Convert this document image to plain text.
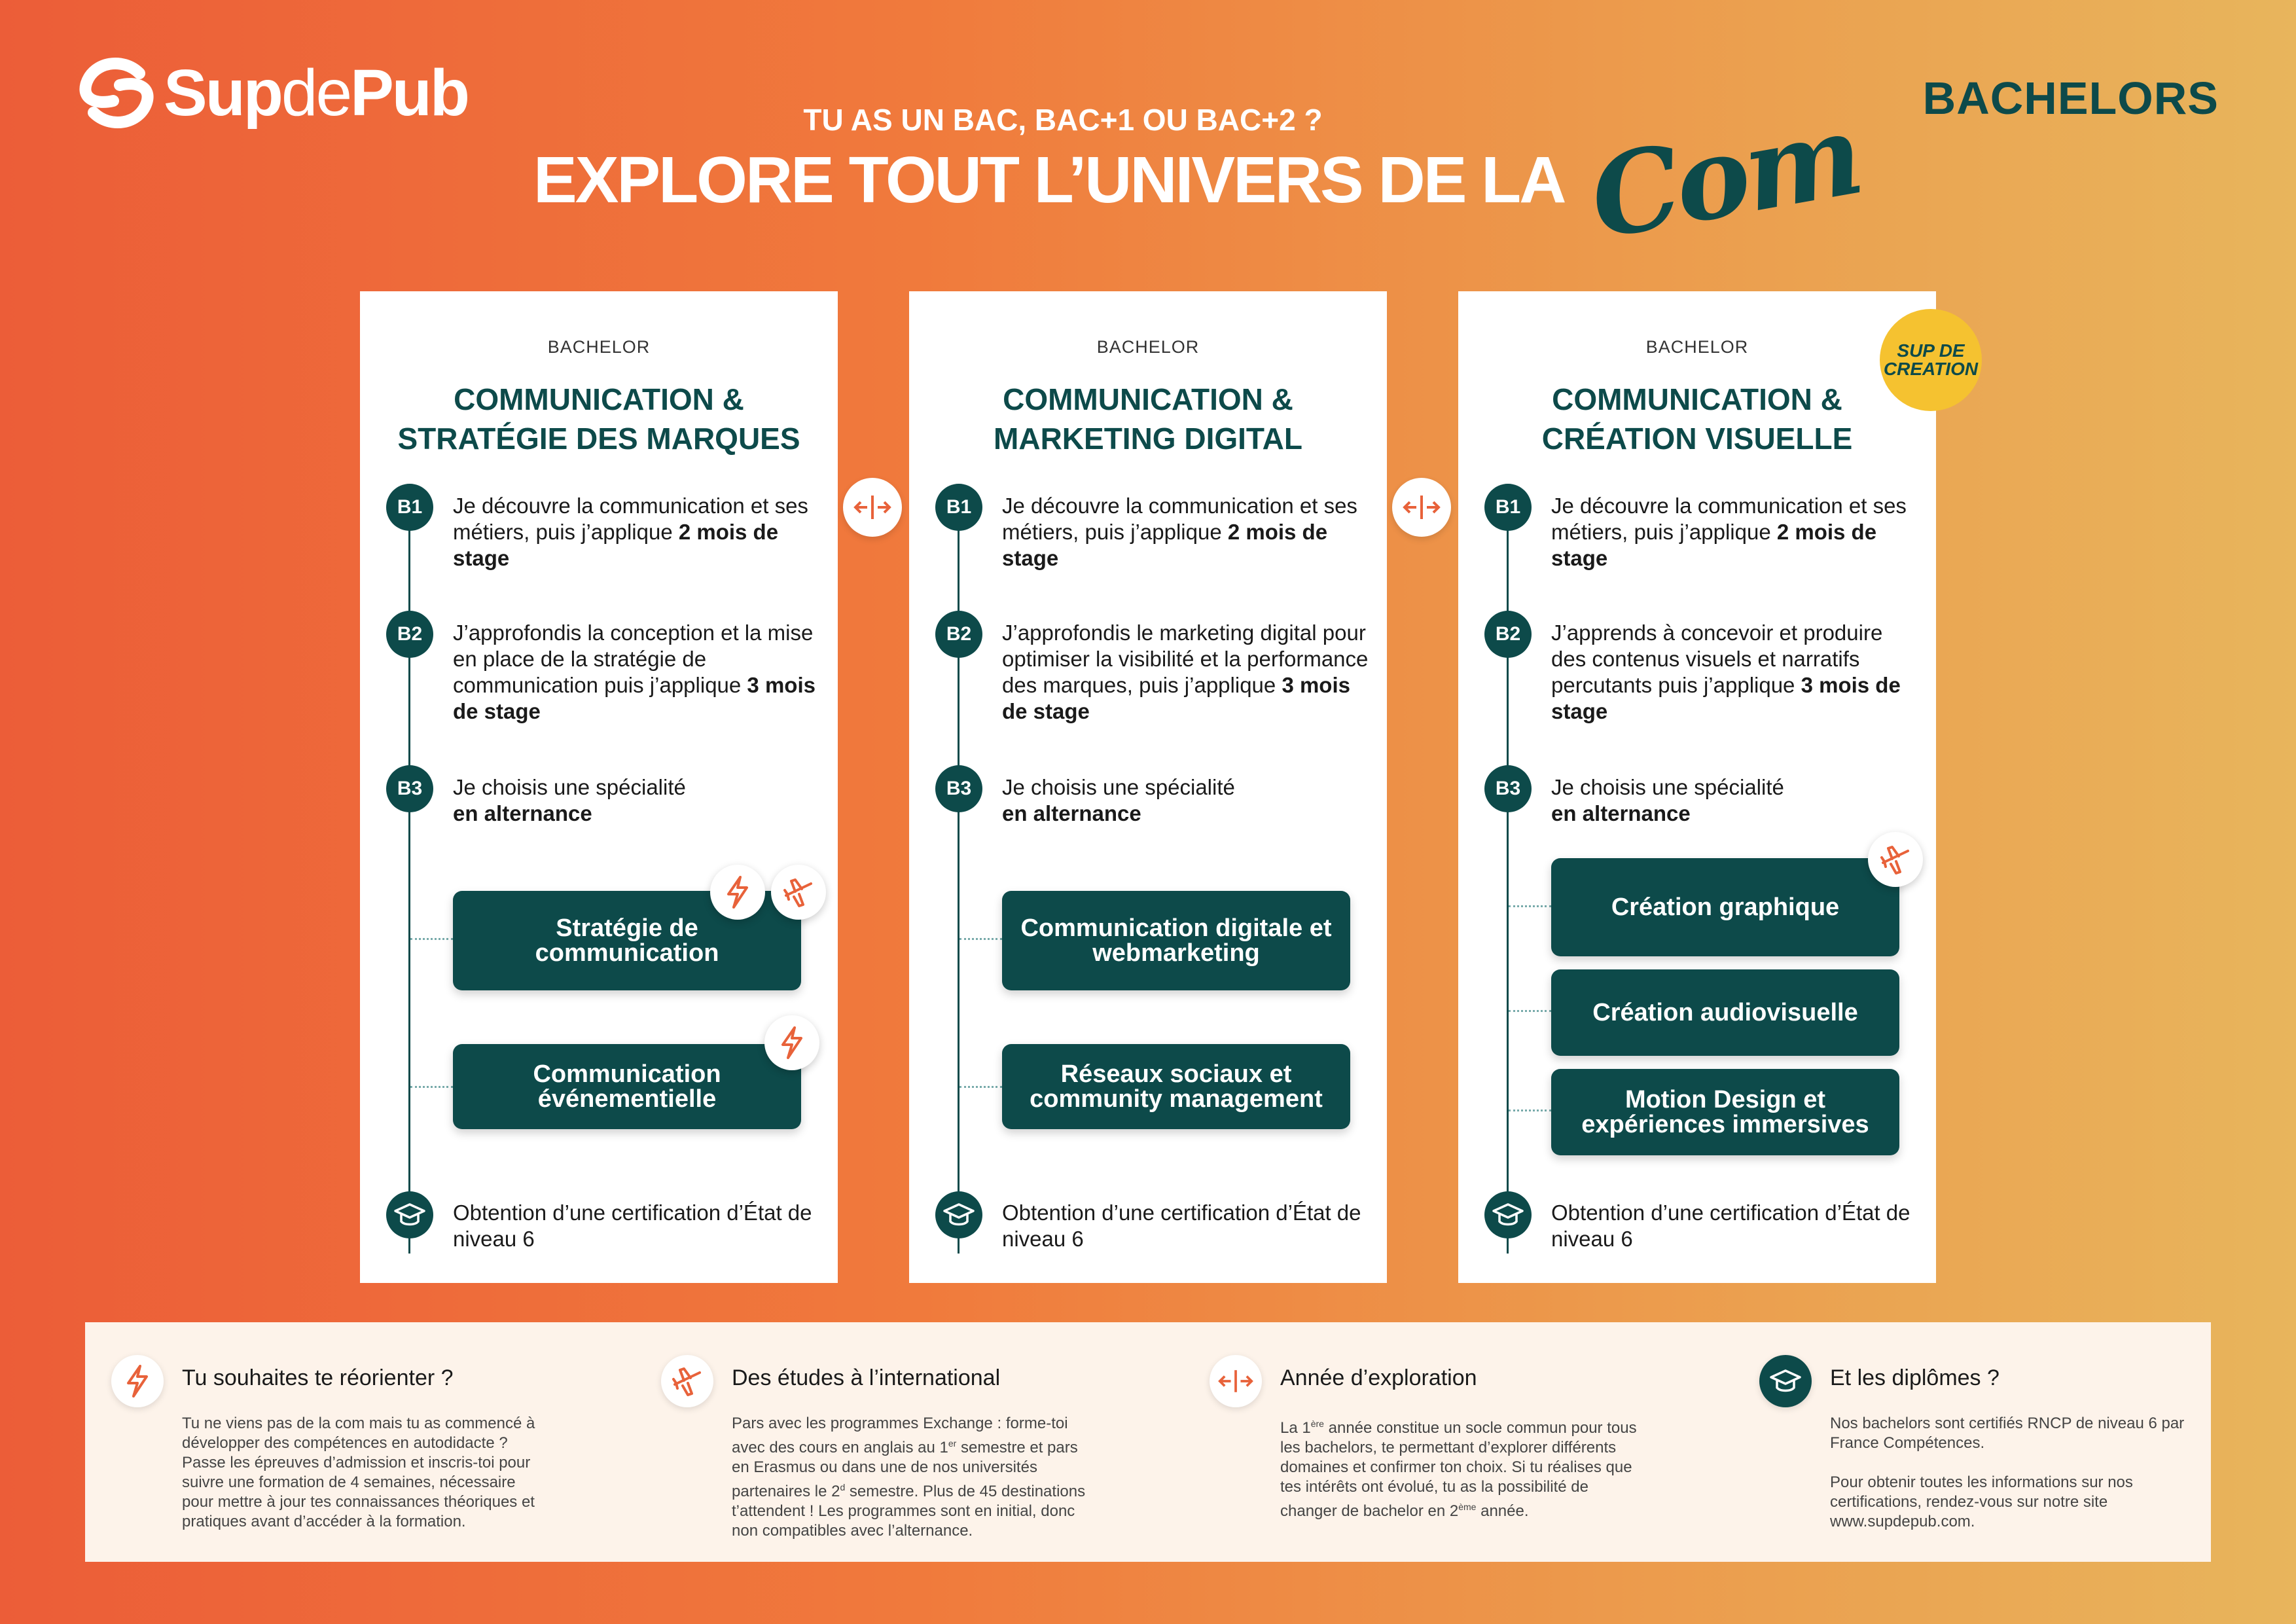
SupdePub	BACHELORS
TU AS UN BAC, BAC+1 OU BAC+2 ?
EXPLORE TOUT L’UNIVERS DE LA Com
BACHELOR
COMMUNICATION &
STRATÉGIE DES MARQUES
B1	Je découvre la communication et ses métiers, puis j’applique 2 mois de stage
B2	J’approfondis la conception et la mise en place de la stratégie de communication puis j’applique 3 mois de stage
B3	Je choisis une spécialité
en alternance
Stratégie de communication
Communication événementielle
Obtention d’une certification d’État de niveau 6
BACHELOR
COMMUNICATION &
MARKETING DIGITAL
B1	Je découvre la communication et ses métiers, puis j’applique 2 mois de stage
B2	J’approfondis le marketing digital pour optimiser la visibilité et la performance des marques, puis j’applique 3 mois de stage
B3	Je choisis une spécialité
en alternance
Communication digitale et webmarketing
Réseaux sociaux et community management
Obtention d’une certification d’État de niveau 6
BACHELOR
COMMUNICATION &
CRÉATION VISUELLE
B1	Je découvre la communication et ses métiers, puis j’applique 2 mois de stage
B2	J’apprends à concevoir et produire des contenus visuels et narratifs percutants puis j’applique 3 mois de stage
B3	Je choisis une spécialité
en alternance
Création graphique
Création audiovisuelle
Motion Design et expériences immersives
Obtention d’une certification d’État de niveau 6
SUP DE
CREATION
Tu souhaites te réorienter ?
Tu ne viens pas de la com mais tu as commencé à développer des compétences en autodidacte ? Passe les épreuves d’admission et inscris-toi pour suivre une formation de 4 semaines, nécessaire pour mettre à jour tes connaissances théoriques et pratiques avant d’accéder à la formation.
Des études à l’international
Pars avec les programmes Exchange : forme-toi avec des cours en anglais au 1er semestre et pars en Erasmus ou dans une de nos universités partenaires le 2$^d$ semestre. Plus de 45 destinations t’attendent ! Les programmes sont en initial, donc non compatibles avec l’alternance.
Année d’exploration
La 1ère année constitue un socle commun pour tous les bachelors, te permettant d’explorer différents domaines et confirmer ton choix. Si tu réalises que tes intérêts ont évolué, tu as la possibilité de changer de bachelor en 2ème année.
Et les diplômes ?
Nos bachelors sont certifiés RNCP de niveau 6 par France Compétences.
Pour obtenir toutes les informations sur nos certifications, rendez-vous sur notre site www.supdepub.com.
